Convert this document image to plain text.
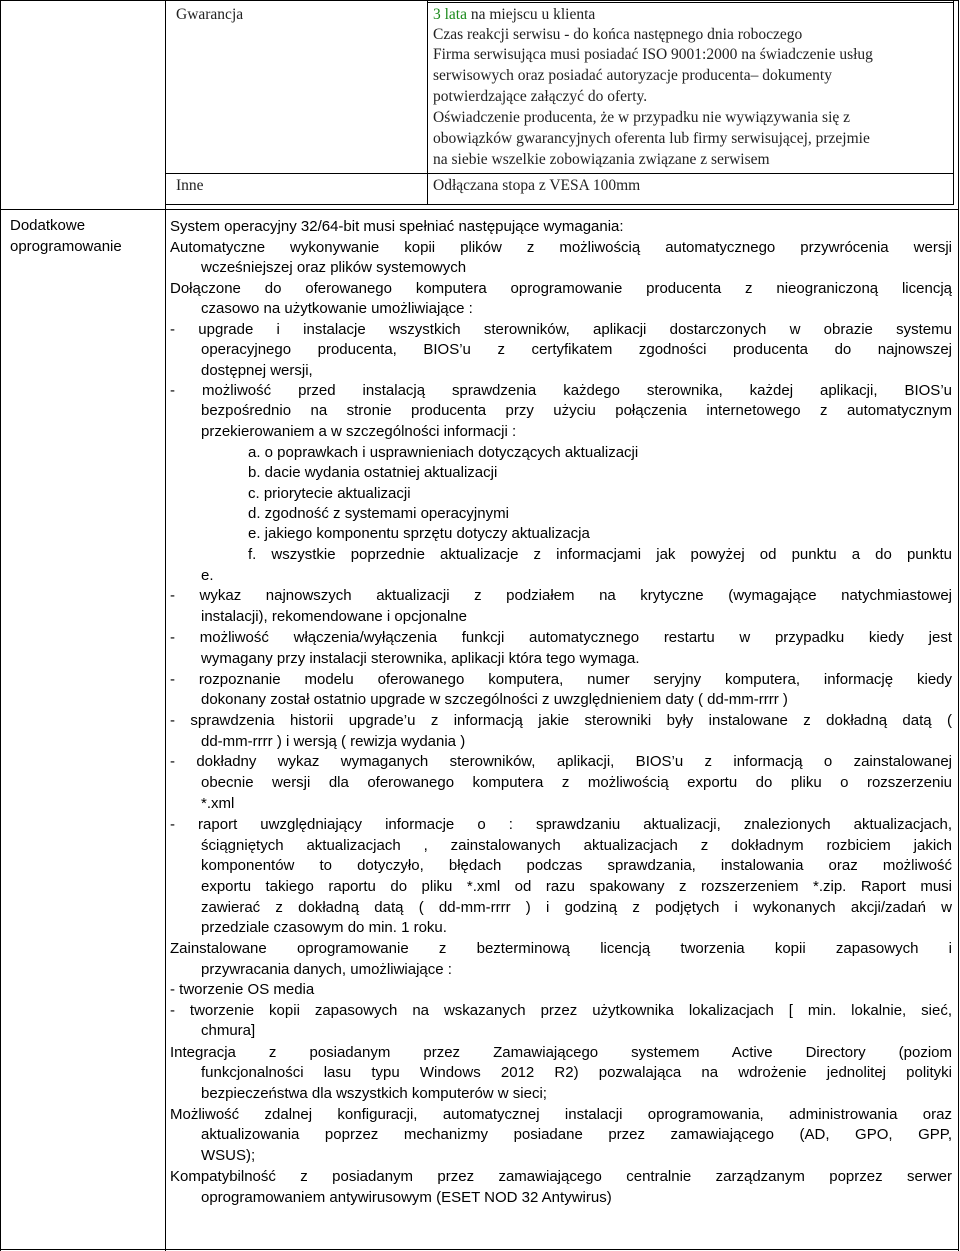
Gwarancja	3 lata na miejscu u klienta

Czas reakcji serwisu - do końca następnego dnia roboczego

Firma serwisująca musi posiadać ISO 9001:2000 na świadczenie usług

serwisowych oraz posiadać autoryzacje producenta– dokumenty

potwierdzające załączyć do oferty.

Oświadczenie producenta, że w przypadku nie wywiązywania się z

obowiązków gwarancyjnych oferenta lub firmy serwisującej, przejmie

na siebie wszelkie zobowiązania związane z serwisem

Inne	Odłączana stopa z VESA 100mm

Dodatkowe

oprogramowanie

System operacyjny 32/64-bit musi spełniać następujące wymagania:

Automatyczne wykonywanie kopii plików z możliwością automatycznego przywrócenia wersji

wcześniejszej oraz plików systemowych

Dołączone do oferowanego komputera oprogramowanie producenta z nieograniczoną licencją

czasowo na użytkowanie umożliwiające :

- upgrade i instalacje wszystkich sterowników, aplikacji dostarczonych w obrazie systemu

operacyjnego producenta, BIOS’u z certyfikatem zgodności producenta do najnowszej

dostępnej wersji,

- możliwość przed instalacją sprawdzenia każdego sterownika, każdej aplikacji, BIOS’u

bezpośrednio na stronie producenta przy użyciu połączenia internetowego z automatycznym

przekierowaniem a w szczególności informacji :

a. o poprawkach i usprawnieniach dotyczących aktualizacji

b. dacie wydania ostatniej aktualizacji

c. priorytecie aktualizacji

d. zgodność z systemami operacyjnymi

e. jakiego komponentu sprzętu dotyczy aktualizacja

f. wszystkie poprzednie aktualizacje z informacjami jak powyżej od punktu a do punktu

e.

- wykaz najnowszych aktualizacji z podziałem na krytyczne (wymagające natychmiastowej

instalacji), rekomendowane i opcjonalne

- możliwość włączenia/wyłączenia funkcji automatycznego restartu w przypadku kiedy jest

wymagany przy instalacji sterownika, aplikacji która tego wymaga.

- rozpoznanie modelu oferowanego komputera, numer seryjny komputera, informację kiedy

dokonany został ostatnio upgrade w szczególności z uwzględnieniem daty ( dd-mm-rrrr )

- sprawdzenia historii upgrade’u z informacją jakie sterowniki były instalowane z dokładną datą (

dd-mm-rrrr ) i wersją ( rewizja wydania )

- dokładny wykaz wymaganych sterowników, aplikacji, BIOS’u z informacją o zainstalowanej

obecnie wersji dla oferowanego komputera z możliwością exportu do pliku o rozszerzeniu

*.xml

- raport uwzględniający informacje o : sprawdzaniu aktualizacji, znalezionych aktualizacjach,

ściągniętych aktualizacjach , zainstalowanych aktualizacjach z dokładnym rozbiciem jakich

komponentów to dotyczyło, błędach podczas sprawdzania, instalowania oraz możliwość

exportu takiego raportu do pliku *.xml od razu spakowany z rozszerzeniem *.zip. Raport musi

zawierać z dokładną datą ( dd-mm-rrrr ) i godziną z podjętych i wykonanych akcji/zadań w

przedziale czasowym do min. 1 roku.

Zainstalowane oprogramowanie z bezterminową licencją tworzenia kopii zapasowych i

przywracania danych, umożliwiające :

- tworzenie OS media

- tworzenie kopii zapasowych na wskazanych przez użytkownika lokalizacjach [ min. lokalnie, sieć,

chmura]

Integracja z posiadanym przez Zamawiającego systemem Active Directory (poziom

funkcjonalności lasu typu Windows 2012 R2) pozwalająca na wdrożenie jednolitej polityki

bezpieczeństwa dla wszystkich komputerów w sieci;

Możliwość zdalnej konfiguracji, automatycznej instalacji oprogramowania, administrowania oraz

aktualizowania poprzez mechanizmy posiadane przez zamawiającego (AD, GPO, GPP,

WSUS);

Kompatybilność z posiadanym przez zamawiającego centralnie zarządzanym poprzez serwer

oprogramowaniem antywirusowym (ESET NOD 32 Antywirus)
